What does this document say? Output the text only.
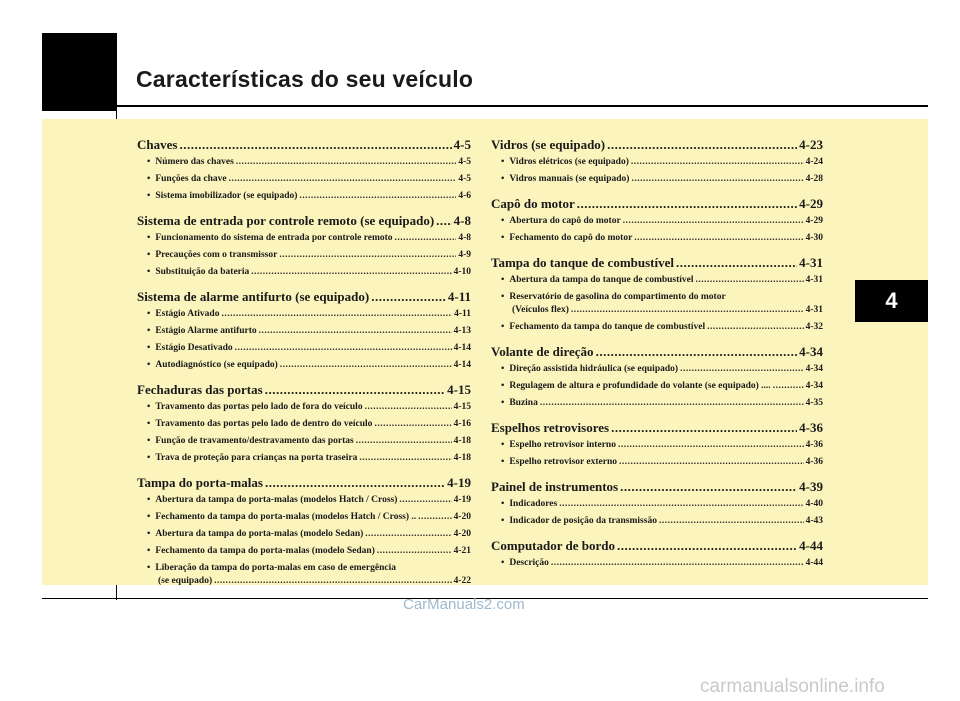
Características do seu veículo
4
Chaves .....	4-5
• Número das chaves .....	4-5
• Funções da chave .....	4-5
• Sistema imobilizador (se equipado) .....	4-6
Sistema de entrada por controle remoto (se equipado) ..... 4-8
• Funcionamento do sistema de entrada por controle remoto .....	4-8
• Precauções com o transmissor .....	4-9
• Substituição da bateria .....	4-10
Sistema de alarme antifurto (se equipado) .....	4-11
• Estágio Ativado .....	4-11
• Estágio Alarme antifurto .....	4-13
• Estágio Desativado .....	4-14
• Autodiagnóstico (se equipado) .....	4-14
Fechaduras das portas .....	4-15
• Travamento das portas pelo lado de fora do veículo .....	4-15
• Travamento das portas pelo lado de dentro do veículo .....	4-16
• Função de travamento/destravamento das portas .....	4-18
• Trava de proteção para crianças na porta traseira .....	4-18
Tampa do porta-malas .....	4-19
• Abertura da tampa do porta-malas (modelos Hatch / Cross) .....	4-19
• Fechamento da tampa do porta-malas (modelos Hatch / Cross) .. .....	4-20
• Abertura da tampa do porta-malas (modelo Sedan) .....	4-20
• Fechamento da tampa do porta-malas (modelo Sedan) .....	4-21
• Liberação da tampa do porta-malas em caso de emergência
(se equipado) .....	4-22
Vidros (se equipado) .....	4-23
• Vidros elétricos (se equipado) .....	4-24
• Vidros manuais (se equipado) .....	4-28
Capô do motor .....	4-29
• Abertura do capô do motor .....	4-29
• Fechamento do capô do motor .....	4-30
Tampa do tanque de combustível .....	4-31
• Abertura da tampa do tanque de combustível .....	4-31
• Reservatório de gasolina do compartimento do motor
(Veículos flex) .....	4-31
• Fechamento da tampa do tanque de combustível .....	4-32
Volante de direção .....	4-34
• Direção assistida hidráulica (se equipado) .....	4-34
• Regulagem de altura e profundidade do volante (se equipado) .... .....	4-34
• Buzina .....	4-35
Espelhos retrovisores .....	4-36
• Espelho retrovisor interno .....	4-36
• Espelho retrovisor externo .....	4-36
Painel de instrumentos .....	4-39
• Indicadores .....	4-40
• Indicador de posição da transmissão .....	4-43
Computador de bordo .....	4-44
• Descrição .....	4-44
CarManuals2.com
carmanualsonline.info
